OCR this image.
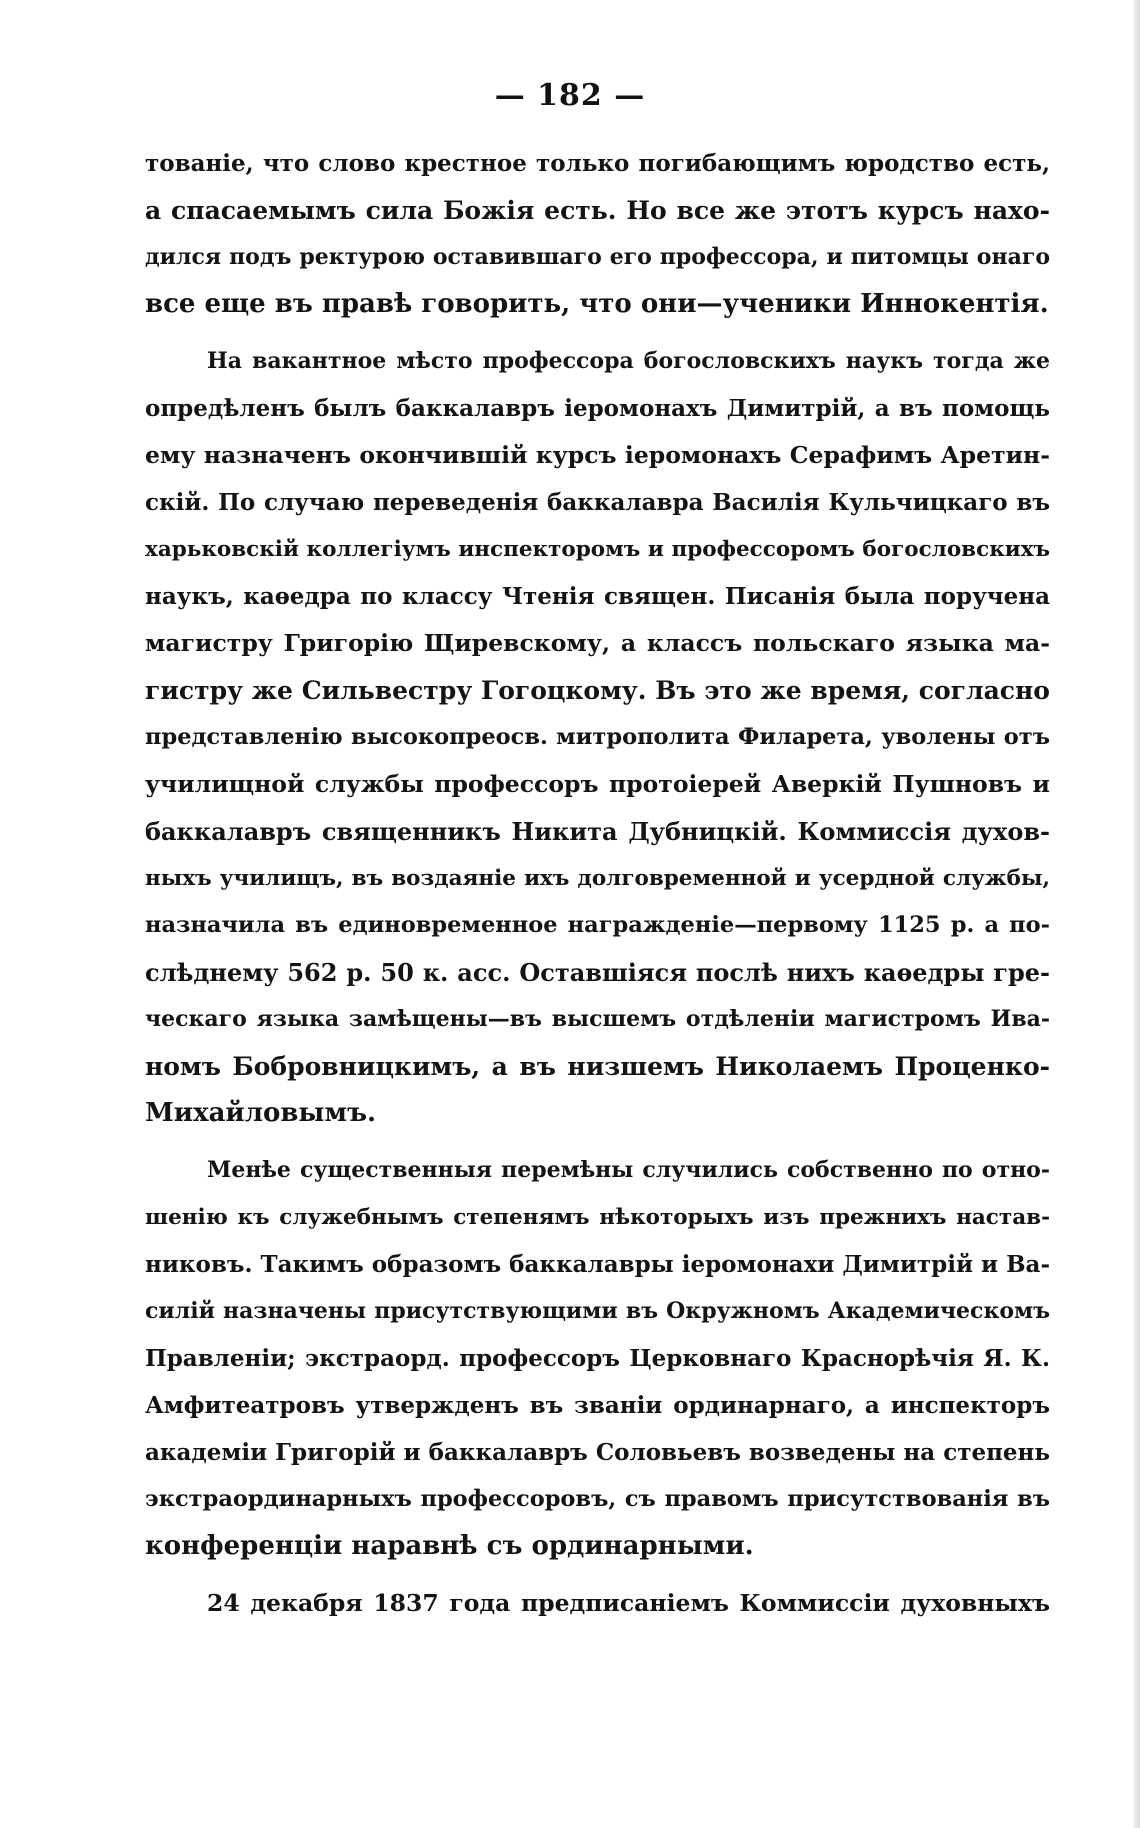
— 182 —
тованіе, что слово крестное только погибающимъ юродство есть,
а спасаемымъ сила Божія есть. Но все же этотъ курсъ нахо-
дился подъ ректурою оставившаго его профессора, и питомцы онаго
все еще въ правѣ говорить, что они—ученики Иннокентія.
На вакантное мѣсто профессора богословскихъ наукъ тогда же
опредѣленъ былъ баккалавръ іеромонахъ Димитрій, а въ помощь
ему назначенъ окончившій курсъ іеромонахъ Серафимъ Аретин-
скій. По случаю переведенія баккалавра Василія Кульчицкаго въ
харьковскій коллегіумъ инспекторомъ и профессоромъ богословскихъ
наукъ, каѳедра по классу Чтенія священ. Писанія была поручена
магистру Григорію Щиревскому, а классъ польскаго языка ма-
гистру же Сильвестру Гогоцкому. Въ это же время, согласно
представленію высокопреосв. митрополита Филарета, уволены отъ
училищной службы профессоръ протоіерей Аверкій Пушновъ и
баккалавръ священникъ Никита Дубницкій. Коммиссія духов-
ныхъ училищъ, въ воздаяніе ихъ долговременной и усердной службы,
назначила въ единовременное награжденіе—первому 1125 р. а по-
слѣднему 562 р. 50 к. асс. Оставшіяся послѣ нихъ каѳедры гре-
ческаго языка замѣщены—въ высшемъ отдѣленіи магистромъ Ива-
номъ Бобровницкимъ, а въ низшемъ Николаемъ Проценко-
Михайловымъ.
Менѣе существенныя перемѣны случились собственно по отно-
шенію къ служебнымъ степенямъ нѣкоторыхъ изъ прежнихъ настав-
никовъ. Такимъ образомъ баккалавры іеромонахи Димитрій и Ва-
силій назначены присутствующими въ Окружномъ Академическомъ
Правленіи; экстраорд. профессоръ Церковнаго Краснорѣчія Я. К.
Амфитеатровъ утвержденъ въ званіи ординарнаго, а инспекторъ
академіи Григорій и баккалавръ Соловьевъ возведены на степень
экстраординарныхъ профессоровъ, съ правомъ присутствованія въ
конференціи наравнѣ съ ординарными.
24 декабря 1837 года предписаніемъ Коммиссіи духовныхъ
